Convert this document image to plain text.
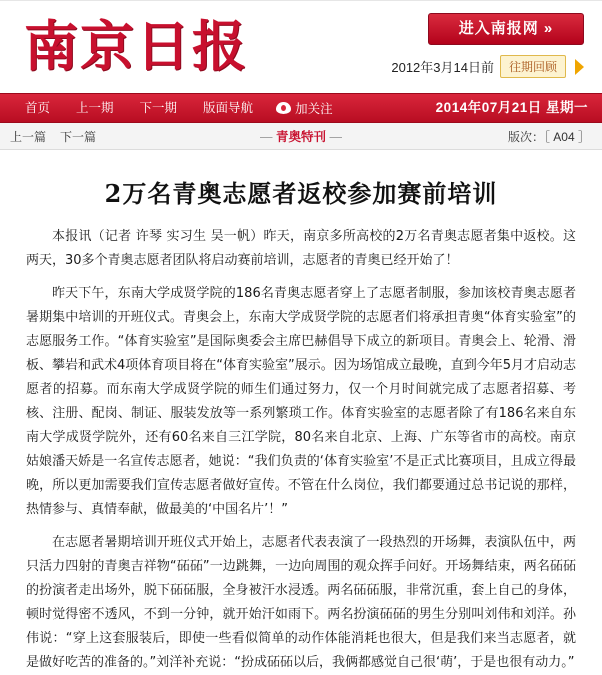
南京日报	进入南报网 »
2012年3月14日前	往期回顾
首页	上一期	下一期	版面导航	加关注	2014年07月21日 星期一
上一篇 下一篇	— 青奥特刊 —	版次：［ A04 ］
2万名青奥志愿者返校参加赛前培训

本报讯（记者 许琴 实习生 吴一帆）昨天，南京多所高校的2万名青奥志愿者集中返校。这两天，30多个青奥志愿者团队将启动赛前培训，志愿者的青奥已经开始了！

昨天下午，东南大学成贤学院的186名青奥志愿者穿上了志愿者制服，参加该校青奥志愿者暑期集中培训的开班仪式。青奥会上，东南大学成贤学院的志愿者们将承担青奥“体育实验室”的志愿服务工作。“体育实验室”是国际奥委会主席巴赫倡导下成立的新项目。青奥会上、轮滑、滑板、攀岩和武术4项体育项目将在“体育实验室”展示。因为场馆成立最晚，直到今年5月才启动志愿者的招募。而东南大学成贤学院的师生们通过努力，仅一个月时间就完成了志愿者招募、考核、注册、配岗、制证、服装发放等一系列繁琐工作。体育实验室的志愿者除了有186名来自东南大学成贤学院外，还有60名来自三江学院，80名来自北京、上海、广东等省市的高校。南京姑娘潘天娇是一名宣传志愿者，她说：“我们负责的‘体育实验室’不是正式比赛项目，且成立得最晚，所以更加需要我们宣传志愿者做好宣传。不管在什么岗位，我们都要通过总书记说的那样，热情参与、真情奉献，做最美的‘中国名片’！”

在志愿者暑期培训开班仪式开始上，志愿者代表表演了一段热烈的开场舞，表演队伍中，两只活力四射的青奥吉祥物“砳砳”一边跳舞，一边向周围的观众挥手问好。开场舞结束，两名砳砳的扮演者走出场外，脱下砳砳服，全身被汗水浸透。两名砳砳服，非常沉重，套上自己的身体，顿时觉得密不透风，不到一分钟，就开始汗如雨下。两名扮演砳砳的男生分别叫刘伟和刘洋。孙伟说：“穿上这套服装后，即使一些看似简单的动作体能消耗也很大，但是我们来当志愿者，就是做好吃苦的准备的。”刘洋补充说：“扮成砳砳以后，我俩都感觉自己很‘萌’，于是也很有动力。”
